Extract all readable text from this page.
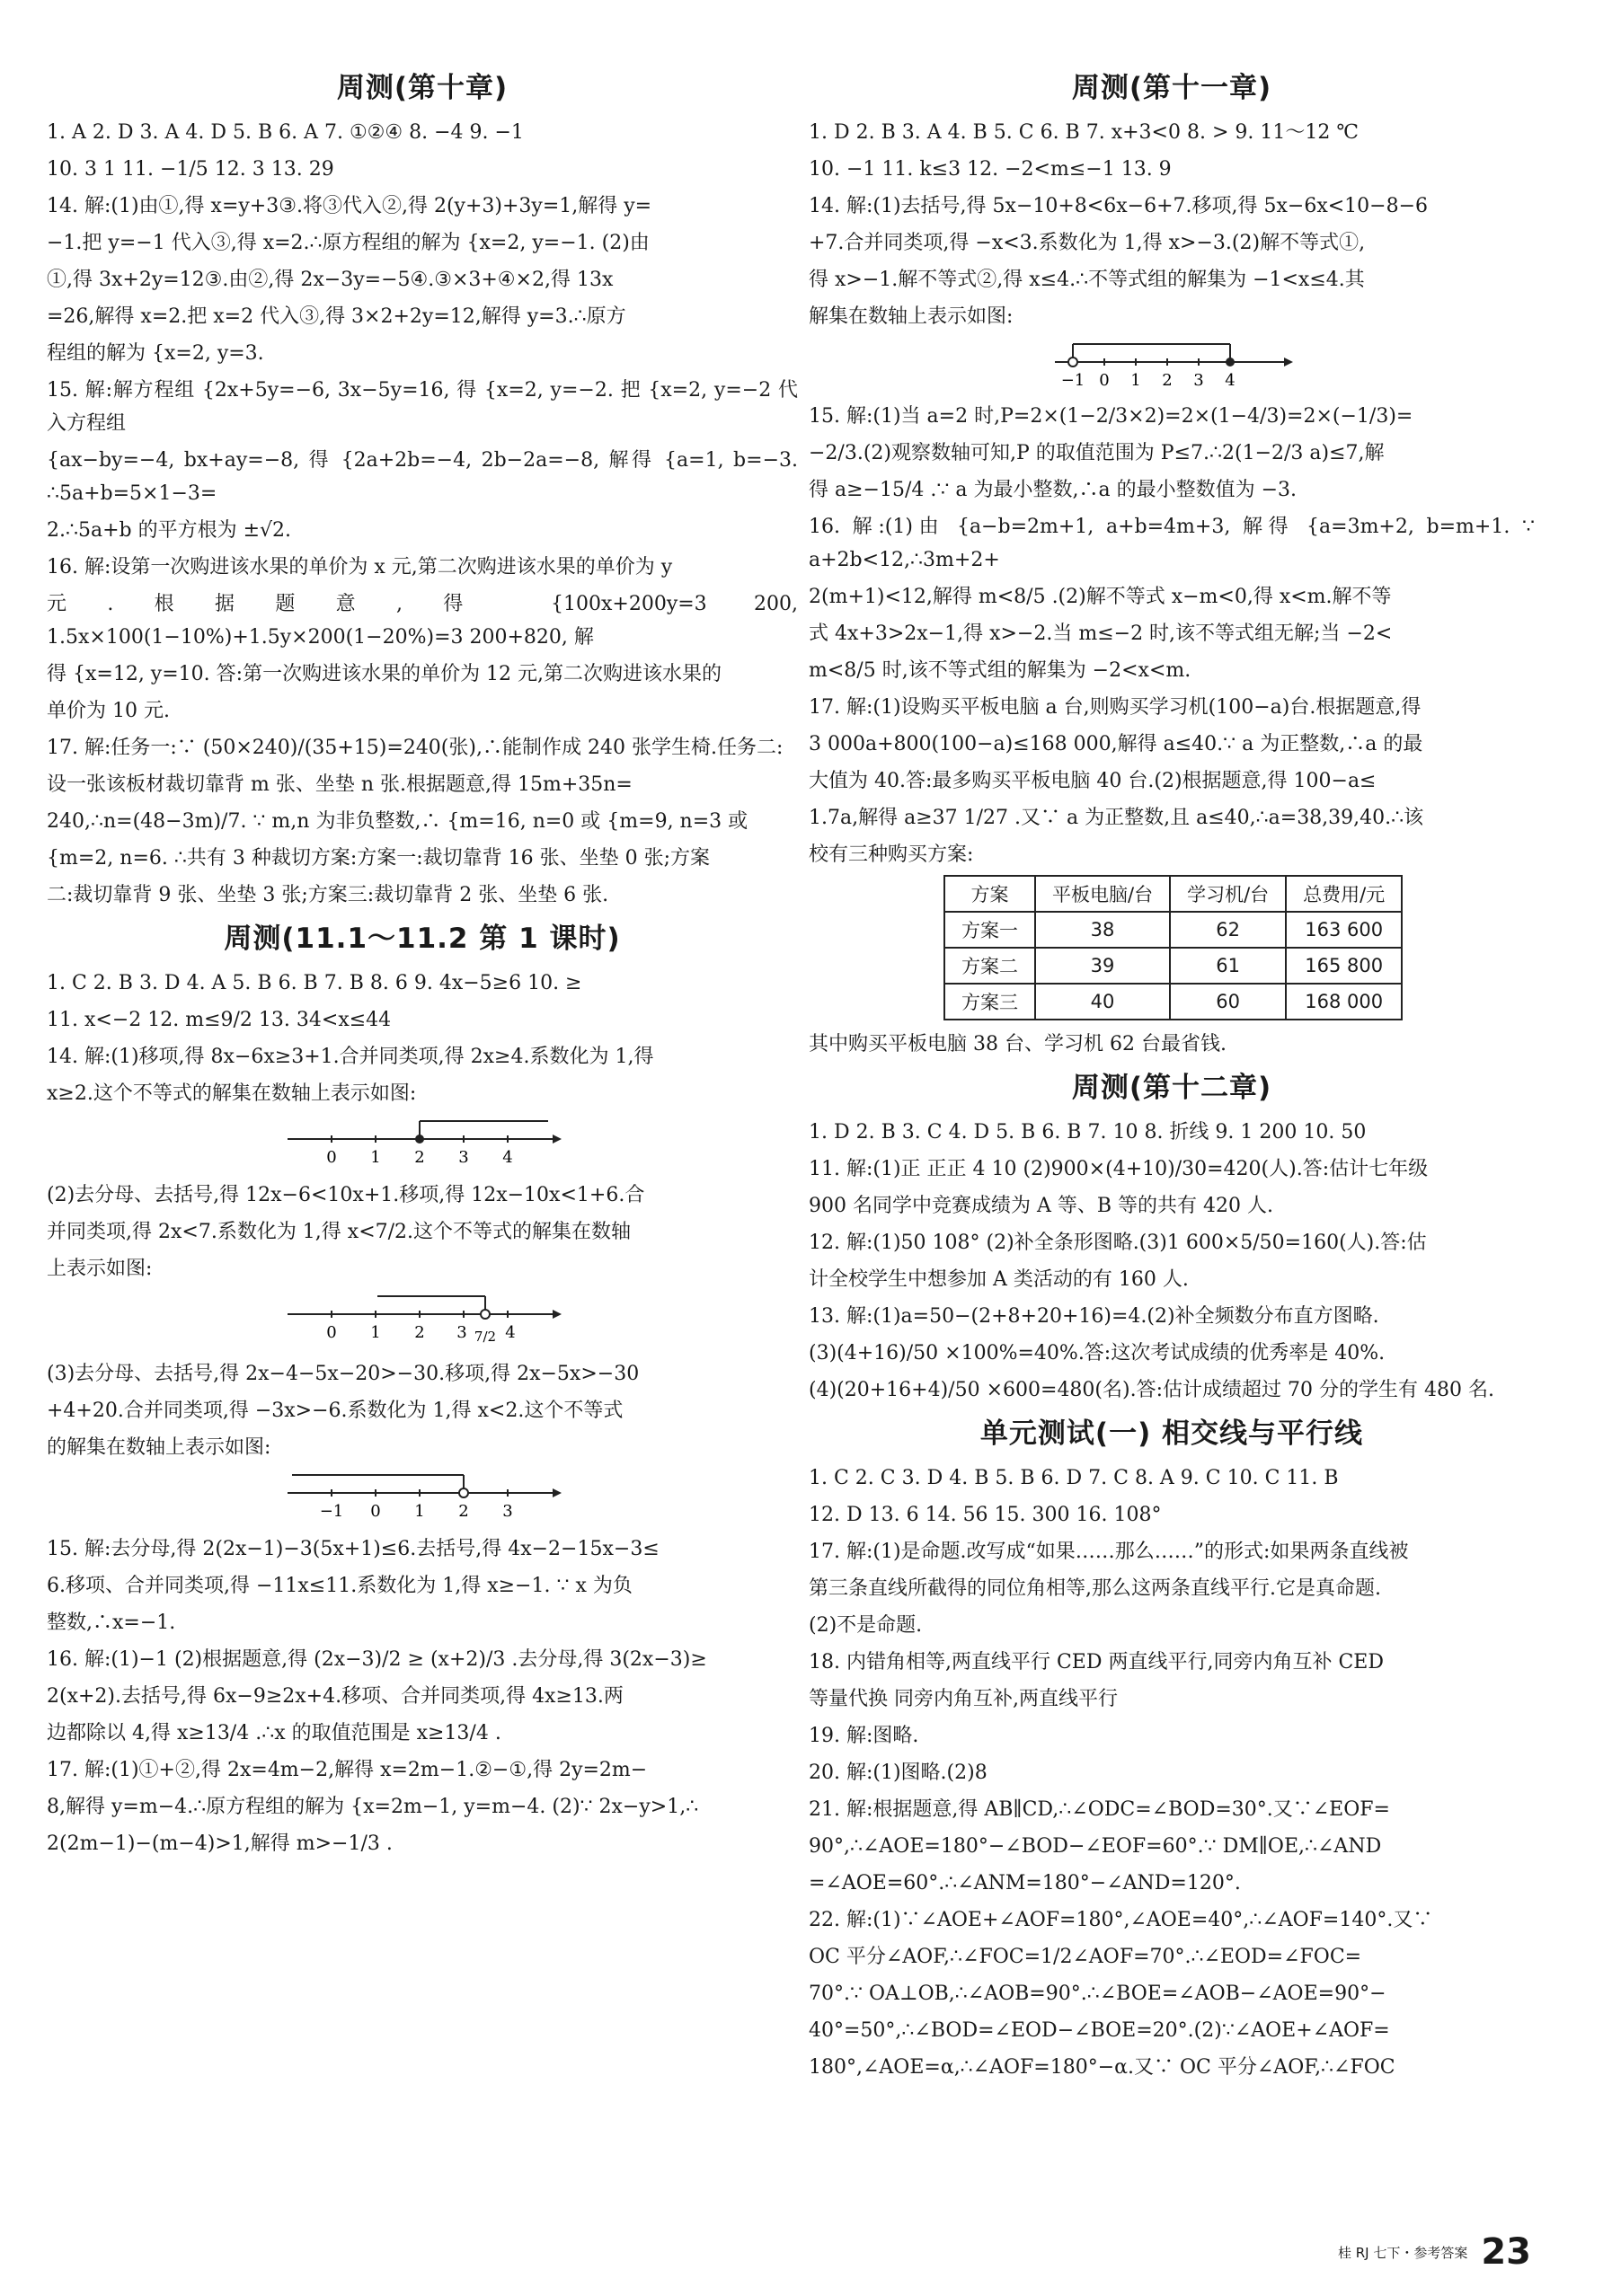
周测(第十章)
1. A 2. D 3. A 4. D 5. B 6. A 7. ①②④ 8. −4 9. −1
10. 3 1 11. −1/5 12. 3 13. 29
14. 解:(1)由①,得 x=y+3③.将③代入②,得 2(y+3)+3y=1,解得 y=
−1.把 y=−1 代入③,得 x=2.∴原方程组的解为 {x=2, y=−1. (2)由
①,得 3x+2y=12③.由②,得 2x−3y=−5④.③×3+④×2,得 13x
=26,解得 x=2.把 x=2 代入③,得 3×2+2y=12,解得 y=3.∴原方
程组的解为 {x=2, y=3.
15. 解:解方程组 {2x+5y=−6, 3x−5y=16, 得 {x=2, y=−2. 把 {x=2, y=−2 代入方程组
{ax−by=−4, bx+ay=−8, 得 {2a+2b=−4, 2b−2a=−8, 解得 {a=1, b=−3. ∴5a+b=5×1−3=
2.∴5a+b 的平方根为 ±√2.
16. 解:设第一次购进该水果的单价为 x 元,第二次购进该水果的单价为 y
元.根据题意,得 {100x+200y=3 200, 1.5x×100(1−10%)+1.5y×200(1−20%)=3 200+820, 解
得 {x=12, y=10. 答:第一次购进该水果的单价为 12 元,第二次购进该水果的
单价为 10 元.
17. 解:任务一:∵ (50×240)/(35+15)=240(张),∴能制作成 240 张学生椅.任务二:
设一张该板材裁切靠背 m 张、坐垫 n 张.根据题意,得 15m+35n=
240,∴n=(48−3m)/7. ∵ m,n 为非负整数,∴ {m=16, n=0 或 {m=9, n=3 或
{m=2, n=6. ∴共有 3 种裁切方案:方案一:裁切靠背 16 张、坐垫 0 张;方案
二:裁切靠背 9 张、坐垫 3 张;方案三:裁切靠背 2 张、坐垫 6 张.
周测(11.1～11.2 第 1 课时)
1. C 2. B 3. D 4. A 5. B 6. B 7. B 8. 6 9. 4x−5≥6 10. ≥
11. x<−2 12. m≤9/2 13. 34<x≤44
14. 解:(1)移项,得 8x−6x≥3+1.合并同类项,得 2x≥4.系数化为 1,得
x≥2.这个不等式的解集在数轴上表示如图:
0 1 2 3 4
(2)去分母、去括号,得 12x−6<10x+1.移项,得 12x−10x<1+6.合
并同类项,得 2x<7.系数化为 1,得 x<7/2.这个不等式的解集在数轴
上表示如图:
0 1 2 3 7/2 4
(3)去分母、去括号,得 2x−4−5x−20>−30.移项,得 2x−5x>−30
+4+20.合并同类项,得 −3x>−6.系数化为 1,得 x<2.这个不等式
的解集在数轴上表示如图:
−1 0 1 2 3
15. 解:去分母,得 2(2x−1)−3(5x+1)≤6.去括号,得 4x−2−15x−3≤
6.移项、合并同类项,得 −11x≤11.系数化为 1,得 x≥−1. ∵ x 为负
整数,∴x=−1.
16. 解:(1)−1 (2)根据题意,得 (2x−3)/2 ≥ (x+2)/3 .去分母,得 3(2x−3)≥
2(x+2).去括号,得 6x−9≥2x+4.移项、合并同类项,得 4x≥13.两
边都除以 4,得 x≥13/4 .∴x 的取值范围是 x≥13/4 .
17. 解:(1)①+②,得 2x=4m−2,解得 x=2m−1.②−①,得 2y=2m−
8,解得 y=m−4.∴原方程组的解为 {x=2m−1, y=m−4. (2)∵ 2x−y>1,∴
2(2m−1)−(m−4)>1,解得 m>−1/3 .
周测(第十一章)
1. D 2. B 3. A 4. B 5. C 6. B 7. x+3<0 8. > 9. 11～12 ℃
10. −1 11. k≤3 12. −2<m≤−1 13. 9
14. 解:(1)去括号,得 5x−10+8<6x−6+7.移项,得 5x−6x<10−8−6
+7.合并同类项,得 −x<3.系数化为 1,得 x>−3.(2)解不等式①,
得 x>−1.解不等式②,得 x≤4.∴不等式组的解集为 −1<x≤4.其
解集在数轴上表示如图:
−1 0 1 2 3 4
15. 解:(1)当 a=2 时,P=2×(1−2/3×2)=2×(1−4/3)=2×(−1/3)=
−2/3.(2)观察数轴可知,P 的取值范围为 P≤7.∴2(1−2/3 a)≤7,解
得 a≥−15/4 .∵ a 为最小整数,∴a 的最小整数值为 −3.
16. 解:(1)由 {a−b=2m+1, a+b=4m+3, 解得 {a=3m+2, b=m+1. ∵ a+2b<12,∴3m+2+
2(m+1)<12,解得 m<8/5 .(2)解不等式 x−m<0,得 x<m.解不等
式 4x+3>2x−1,得 x>−2.当 m≤−2 时,该不等式组无解;当 −2<
m<8/5 时,该不等式组的解集为 −2<x<m.
17. 解:(1)设购买平板电脑 a 台,则购买学习机(100−a)台.根据题意,得
3 000a+800(100−a)≤168 000,解得 a≤40.∵ a 为正整数,∴a 的最
大值为 40.答:最多购买平板电脑 40 台.(2)根据题意,得 100−a≤
1.7a,解得 a≥37 1/27 .又∵ a 为正整数,且 a≤40,∴a=38,39,40.∴该
校有三种购买方案:
方案	平板电脑/台	学习机/台	总费用/元
方案一	38	62	163 600
方案二	39	61	165 800
方案三	40	60	168 000
其中购买平板电脑 38 台、学习机 62 台最省钱.
周测(第十二章)
1. D 2. B 3. C 4. D 5. B 6. B 7. 10 8. 折线 9. 1 200 10. 50
11. 解:(1)正 正正 4 10 (2)900×(4+10)/30=420(人).答:估计七年级
900 名同学中竞赛成绩为 A 等、B 等的共有 420 人.
12. 解:(1)50 108° (2)补全条形图略.(3)1 600×5/50=160(人).答:估
计全校学生中想参加 A 类活动的有 160 人.
13. 解:(1)a=50−(2+8+20+16)=4.(2)补全频数分布直方图略.
(3)(4+16)/50 ×100%=40%.答:这次考试成绩的优秀率是 40%.
(4)(20+16+4)/50 ×600=480(名).答:估计成绩超过 70 分的学生有 480 名.
单元测试(一) 相交线与平行线
1. C 2. C 3. D 4. B 5. B 6. D 7. C 8. A 9. C 10. C 11. B
12. D 13. 6 14. 56 15. 300 16. 108°
17. 解:(1)是命题.改写成“如果……那么……”的形式:如果两条直线被
第三条直线所截得的同位角相等,那么这两条直线平行.它是真命题.
(2)不是命题.
18. 内错角相等,两直线平行 CED 两直线平行,同旁内角互补 CED
等量代换 同旁内角互补,两直线平行
19. 解:图略.
20. 解:(1)图略.(2)8
21. 解:根据题意,得 AB∥CD,∴∠ODC=∠BOD=30°.又∵∠EOF=
90°,∴∠AOE=180°−∠BOD−∠EOF=60°.∵ DM∥OE,∴∠AND
=∠AOE=60°.∴∠ANM=180°−∠AND=120°.
22. 解:(1)∵∠AOE+∠AOF=180°,∠AOE=40°,∴∠AOF=140°.又∵
OC 平分∠AOF,∴∠FOC=1/2∠AOF=70°.∴∠EOD=∠FOC=
70°.∵ OA⊥OB,∴∠AOB=90°.∴∠BOE=∠AOB−∠AOE=90°−
40°=50°,∴∠BOD=∠EOD−∠BOE=20°.(2)∵∠AOE+∠AOF=
180°,∠AOE=α,∴∠AOF=180°−α.又∵ OC 平分∠AOF,∴∠FOC
桂 RJ 七下・参考答案 23
